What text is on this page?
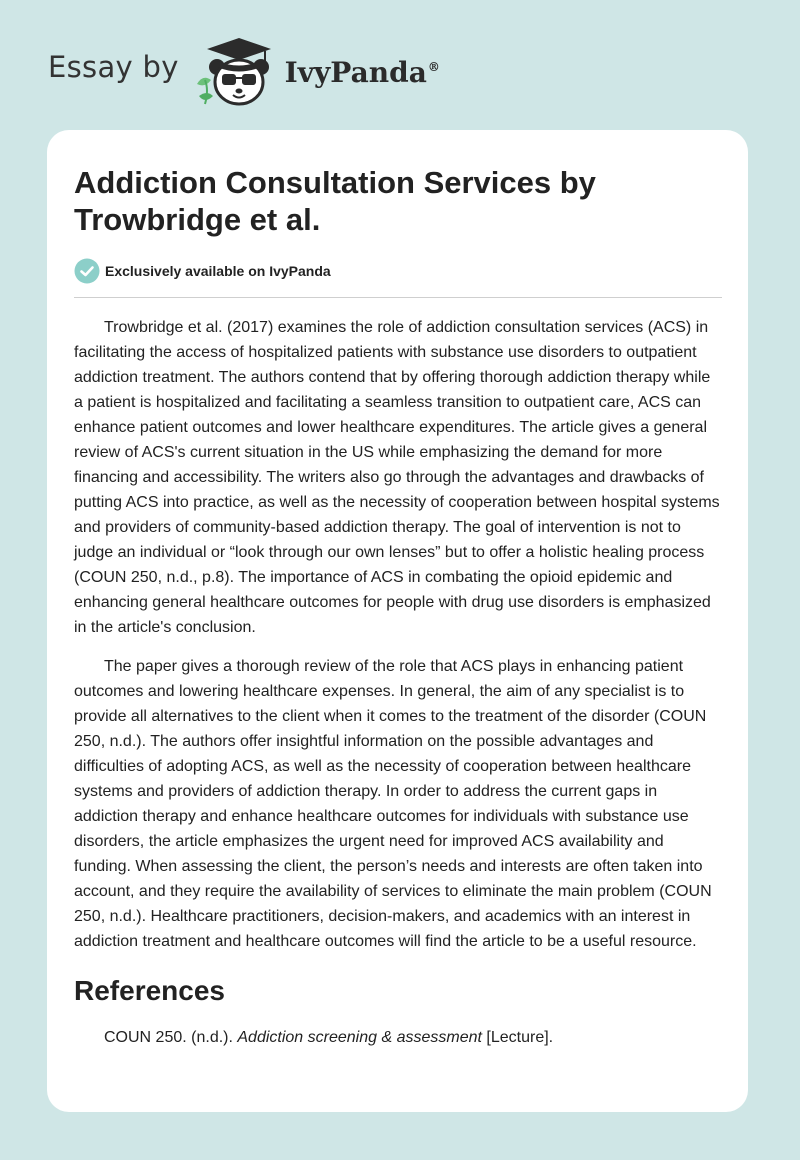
Essay by	IvyPanda®
Addiction Consultation Services by Trowbridge et al.
Exclusively available on IvyPanda

Trowbridge et al. (2017) examines the role of addiction consultation services (ACS) in facilitating the access of hospitalized patients with substance use disorders to outpatient addiction treatment. The authors contend that by offering thorough addiction therapy while a patient is hospitalized and facilitating a seamless transition to outpatient care, ACS can enhance patient outcomes and lower healthcare expenditures. The article gives a general review of ACS's current situation in the US while emphasizing the demand for more financing and accessibility. The writers also go through the advantages and drawbacks of putting ACS into practice, as well as the necessity of cooperation between hospital systems and providers of community-based addiction therapy. The goal of intervention is not to judge an individual or “look through our own lenses” but to offer a holistic healing process (COUN 250, n.d., p.8). The importance of ACS in combating the opioid epidemic and enhancing general healthcare outcomes for people with drug use disorders is emphasized in the article's conclusion.

The paper gives a thorough review of the role that ACS plays in enhancing patient outcomes and lowering healthcare expenses. In general, the aim of any specialist is to provide all alternatives to the client when it comes to the treatment of the disorder (COUN 250, n.d.). The authors offer insightful information on the possible advantages and difficulties of adopting ACS, as well as the necessity of cooperation between healthcare systems and providers of addiction therapy. In order to address the current gaps in addiction therapy and enhance healthcare outcomes for individuals with substance use disorders, the article emphasizes the urgent need for improved ACS availability and funding. When assessing the client, the person’s needs and interests are often taken into account, and they require the availability of services to eliminate the main problem (COUN 250, n.d.). Healthcare practitioners, decision-makers, and academics with an interest in addiction treatment and healthcare outcomes will find the article to be a useful resource.

References

COUN 250. (n.d.). Addiction screening & assessment [Lecture].
